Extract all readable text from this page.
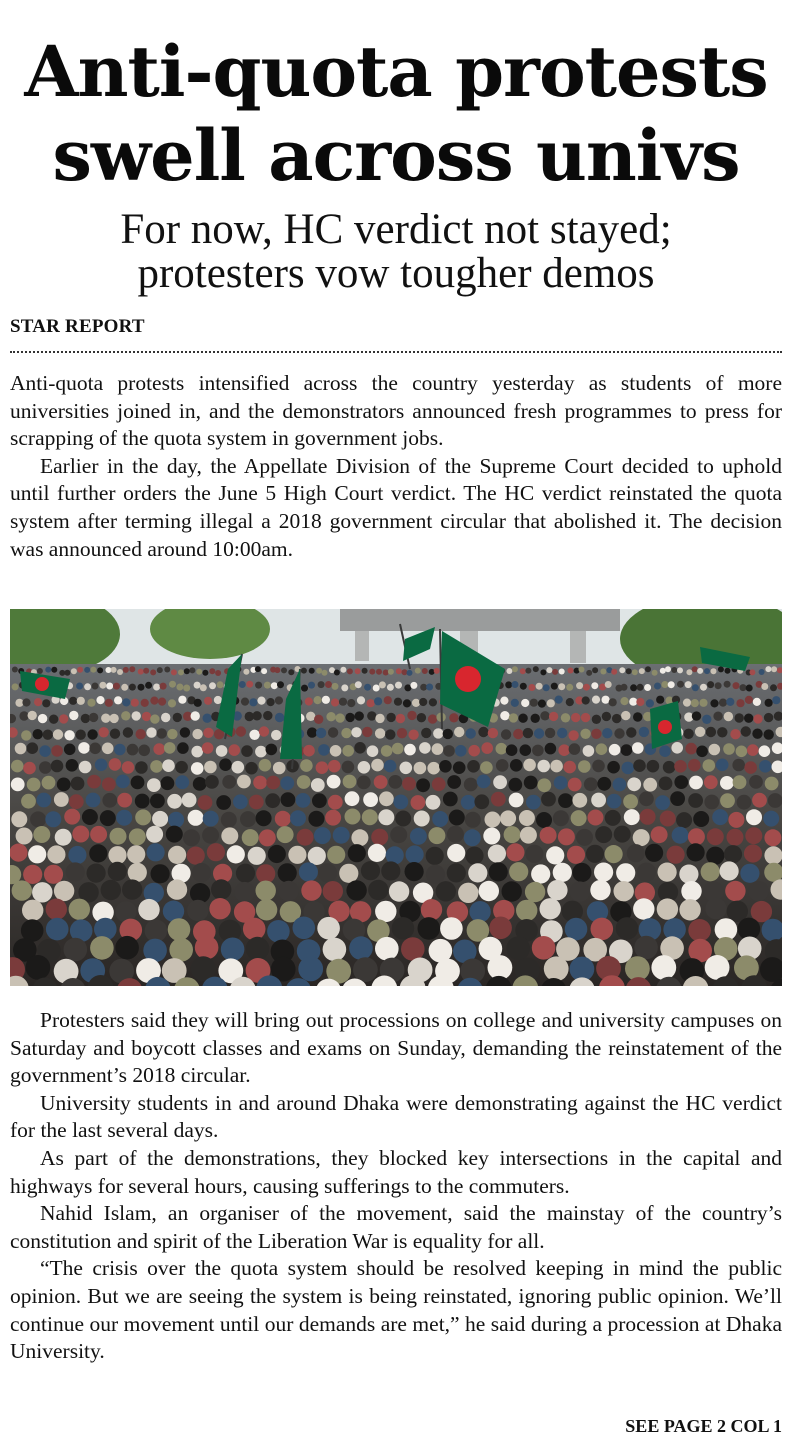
Anti-quota protests
swell across univs
For now, HC verdict not stayed;
protesters vow tougher demos
STAR REPORT

Anti-quota protests intensified across the country yesterday as students of more universities joined in, and the demonstrators announced fresh programmes to press for scrapping of the quota system in government jobs.

Earlier in the day, the Appellate Division of the Supreme Court decided to uphold until further orders the June 5 High Court verdict. The HC verdict reinstated the quota system after terming illegal a 2018 government circular that abolished it. The decision was announced around 10:00am.

Protesters said they will bring out processions on college and university campuses on Saturday and boycott classes and exams on Sunday, demanding the reinstatement of the government’s 2018 circular.

University students in and around Dhaka were demonstrating against the HC verdict for the last several days.

As part of the demonstrations, they blocked key intersections in the capital and highways for several hours, causing sufferings to the commuters.

Nahid Islam, an organiser of the movement, said the mainstay of the country’s constitution and spirit of the Liberation War is equality for all.

“The crisis over the quota system should be resolved keeping in mind the public opinion. But we are seeing the system is being reinstated, ignoring public opinion. We’ll continue our movement until our demands are met,” he said during a procession at Dhaka University.

SEE PAGE 2 COL 1
